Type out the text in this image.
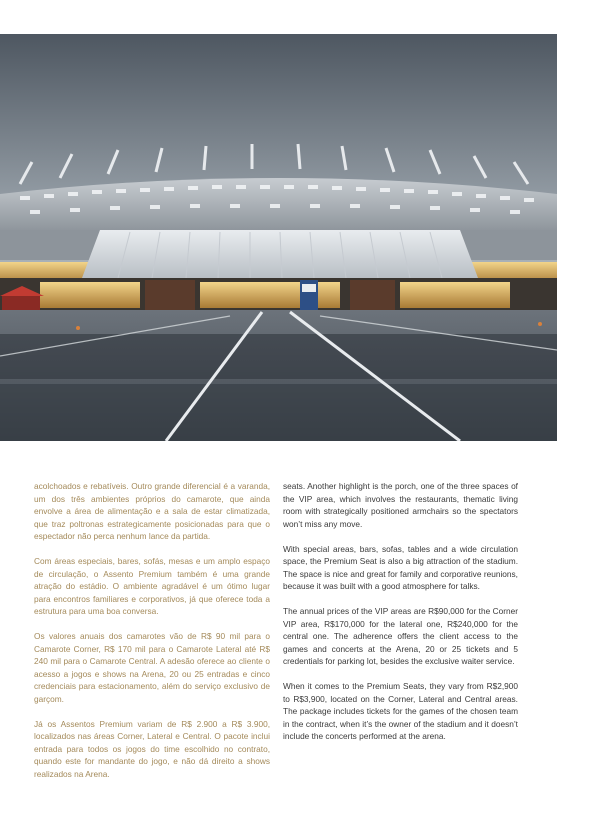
acolchoados e rebatíveis. Outro grande diferencial é a varanda, um dos três ambientes próprios do camarote, que ainda envolve a área de alimentação e a sala de estar climatizada, que traz poltronas estrategicamente posicionadas para que o espectador não perca nenhum lance da partida.

Com áreas especiais, bares, sofás, mesas e um amplo espaço de circulação, o Assento Premium também é uma grande atração do estádio. O ambiente agradável é um ótimo lugar para encontros familiares e corporativos, já que oferece toda a estrutura para uma boa conversa.

Os valores anuais dos camarotes vão de R$ 90 mil para o Camarote Corner, R$ 170 mil para o Camarote Lateral até R$ 240 mil para o Camarote Central. A adesão oferece ao cliente o acesso a jogos e shows na Arena, 20 ou 25 entradas e cinco credenciais para estacionamento, além do serviço exclusivo de garçom.

Já os Assentos Premium variam de R$ 2.900 a R$ 3.900, localizados nas áreas Corner, Lateral e Central. O pacote inclui entrada para todos os jogos do time escolhido no contrato, quando este for mandante do jogo, e não dá direito a shows realizados na Arena.

seats. Another highlight is the porch, one of the three spaces of the VIP area, which involves the restaurants, thematic living room with strategically positioned armchairs so the spectators won’t miss any move.

With special areas, bars, sofas, tables and a wide circulation space, the Premium Seat is also a big attraction of the stadium. The space is nice and great for family and corporative reunions, because it was built with a good atmosphere for talks.

The annual prices of the VIP areas are R$90,000 for the Corner VIP area, R$170,000 for the lateral one, R$240,000 for the central one. The adherence offers the client access to the games and concerts at the Arena, 20 or 25 tickets and 5 credentials for parking lot, besides the exclusive waiter service.

When it comes to the Premium Seats, they vary from R$2,900 to R$3,900, located on the Corner, Lateral and Central areas. The package includes tickets for the games of the chosen team in the contract, when it’s the owner of the stadium and it doesn’t include the concerts performed at the arena.
